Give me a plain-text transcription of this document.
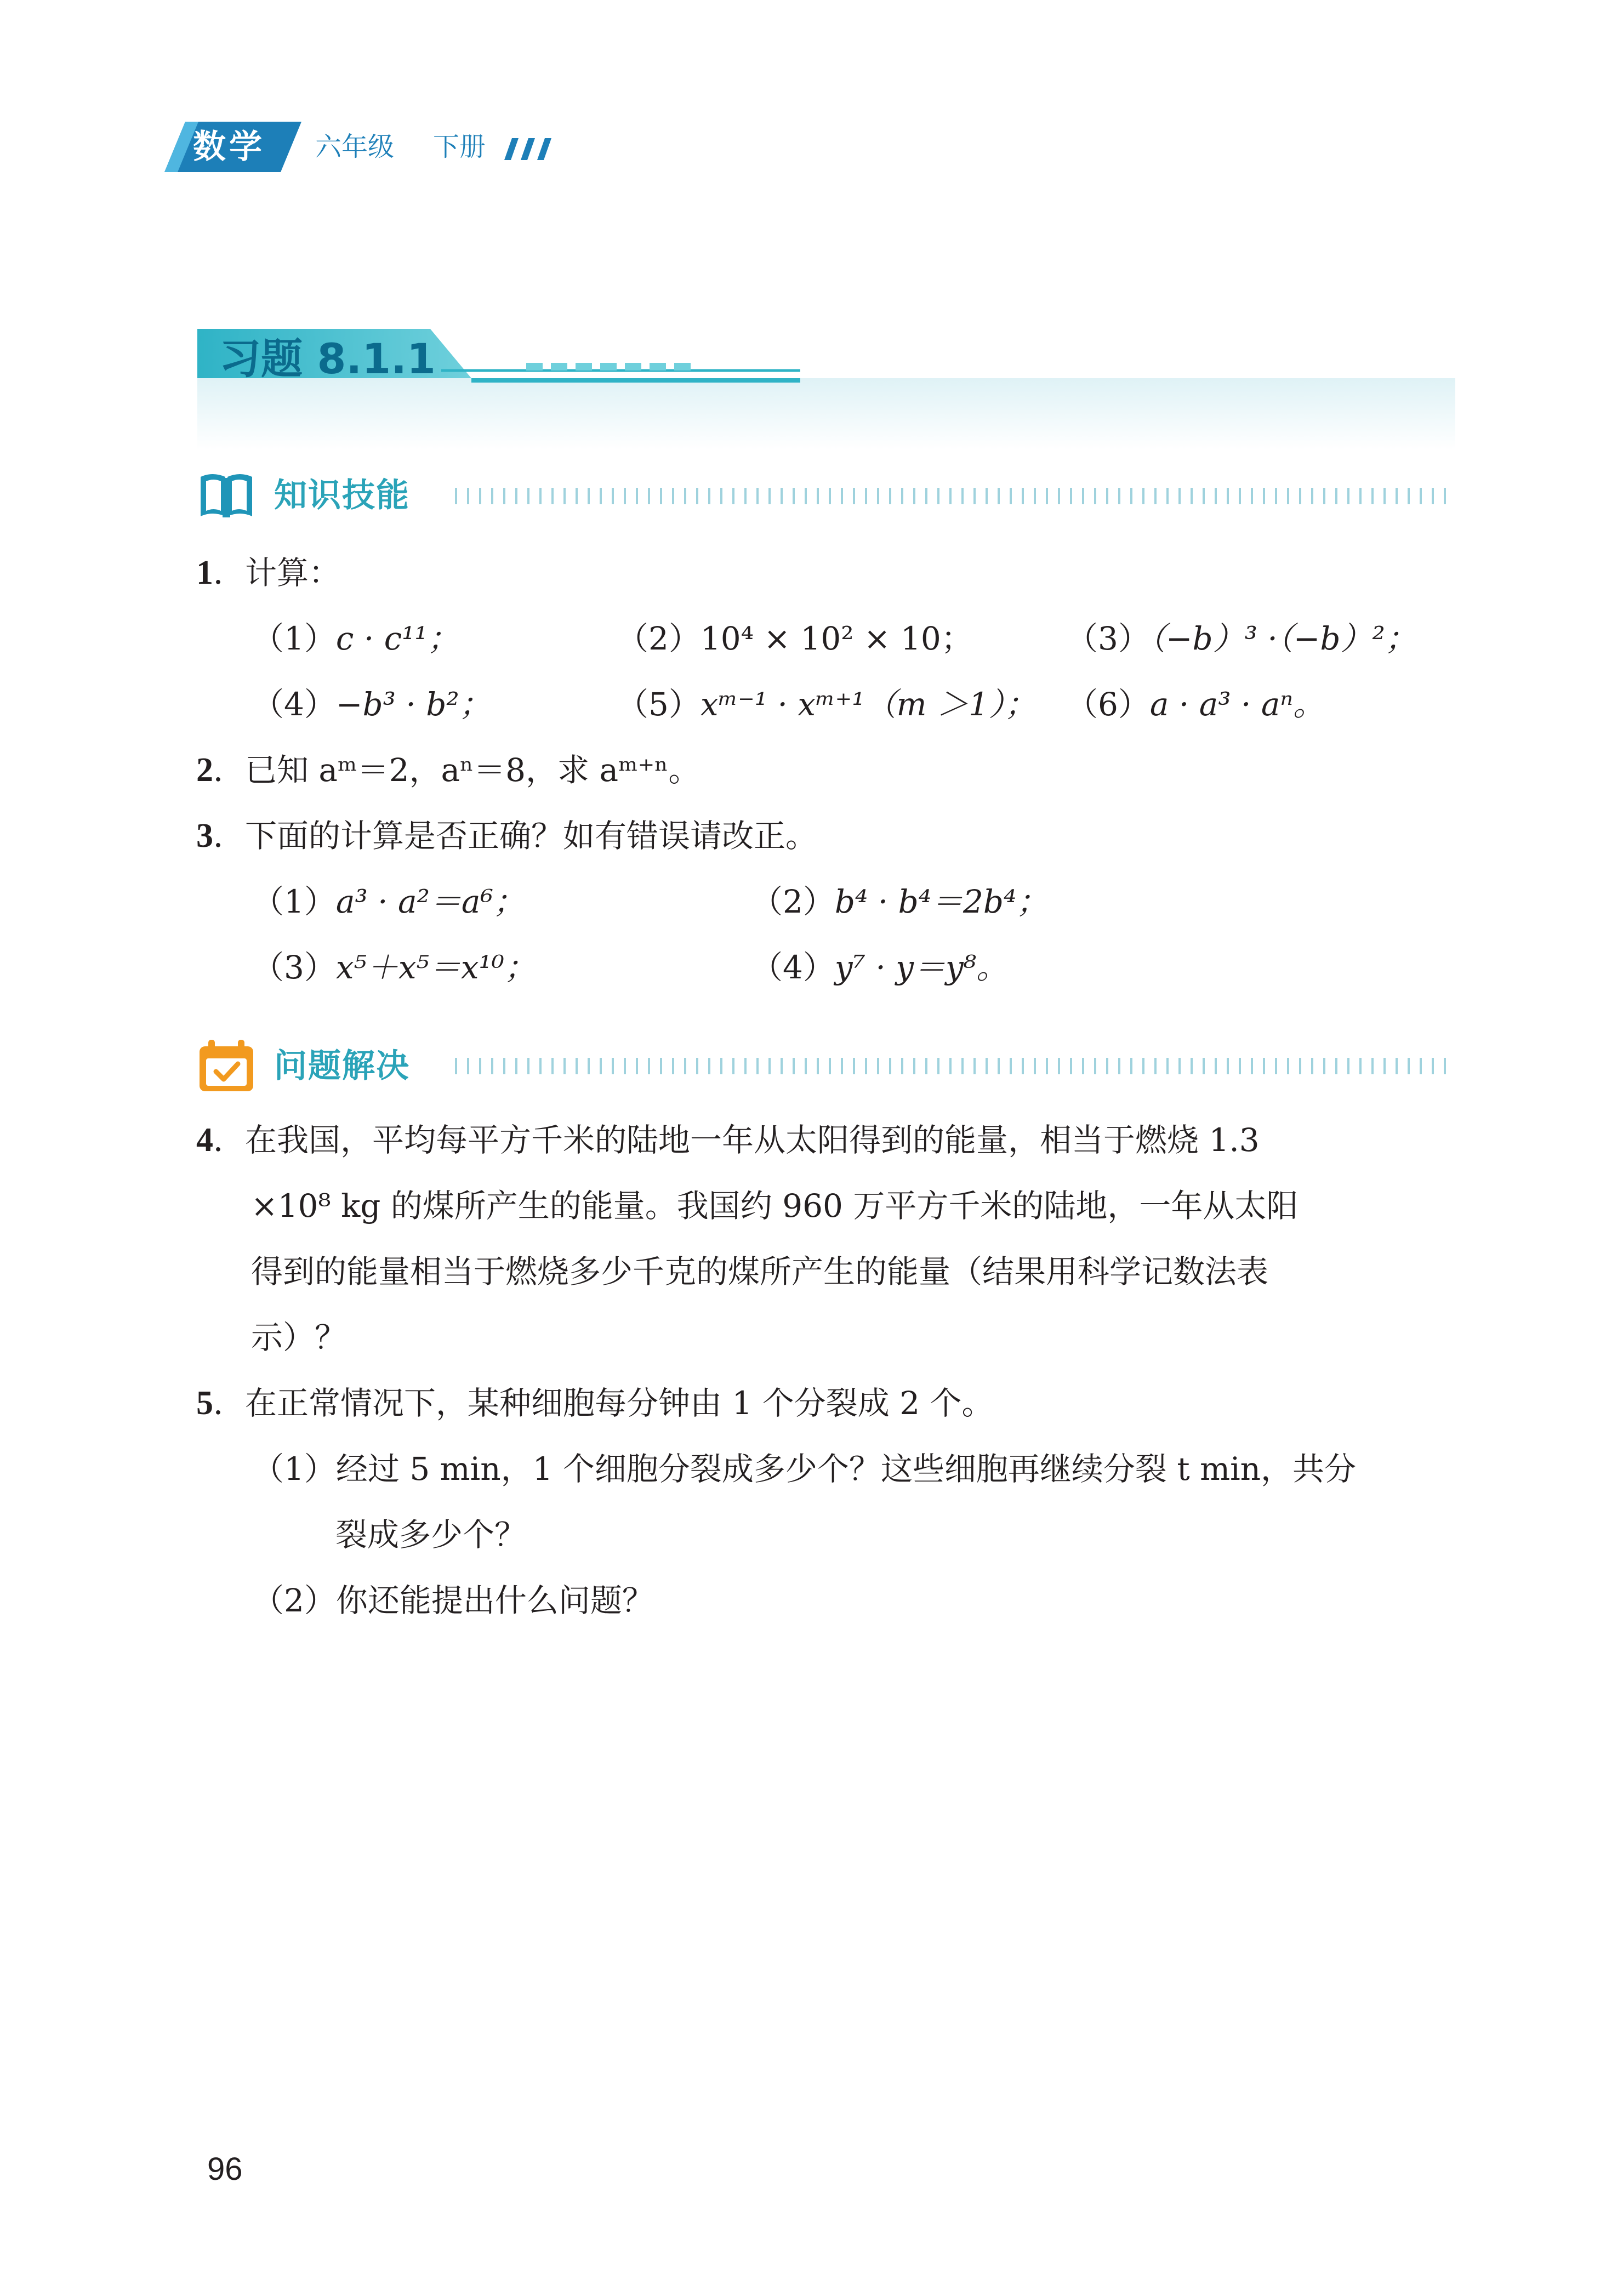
数学 六年级 下册
习题 8.1.1
知识技能
1．计算：
（1）c · c¹¹；	（2）10⁴ × 10² × 10；	（3）（−b）³ ·（−b）²；
（4）−b³ · b²；	（5）xᵐ⁻¹ · xᵐ⁺¹（m ＞1）； （6）a · a³ · aⁿ。
2．已知 aᵐ＝2，aⁿ＝8，求 aᵐ⁺ⁿ。
3．下面的计算是否正确？如有错误请改正。
（1）a³ · a²＝a⁶；	（2）b⁴ · b⁴＝2b⁴；
（3）x⁵＋x⁵＝x¹⁰；	（4）y⁷ · y＝y⁸。
问题解决
4．在我国，平均每平方千米的陆地一年从太阳得到的能量，相当于燃烧 1.3
×10⁸ kg 的煤所产生的能量。我国约 960 万平方千米的陆地，一年从太阳
得到的能量相当于燃烧多少千克的煤所产生的能量（结果用科学记数法表
示）？
5．在正常情况下，某种细胞每分钟由 1 个分裂成 2 个。
（1）经过 5 min，1 个细胞分裂成多少个？这些细胞再继续分裂 t min，共分
裂成多少个？
（2）你还能提出什么问题？
96
